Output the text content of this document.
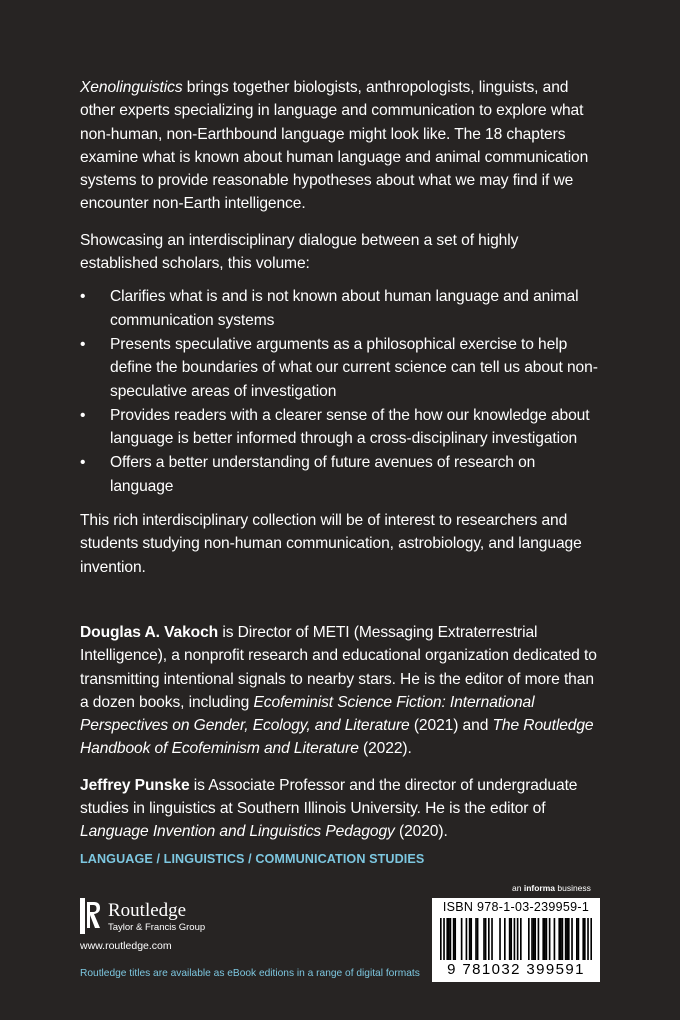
Xenolinguistics brings together biologists, anthropologists, linguists, and other experts specializing in language and communication to explore what non-human, non-Earthbound language might look like. The 18 chapters examine what is known about human language and animal communication systems to provide reasonable hypotheses about what we may find if we encounter non-Earth intelligence.

Showcasing an interdisciplinary dialogue between a set of highly established scholars, this volume:

• Clarifies what is and is not known about human language and animal communication systems
• Presents speculative arguments as a philosophical exercise to help define the boundaries of what our current science can tell us about non-speculative areas of investigation
• Provides readers with a clearer sense of the how our knowledge about language is better informed through a cross-disciplinary investigation
• Offers a better understanding of future avenues of research on language

This rich interdisciplinary collection will be of interest to researchers and students studying non-human communication, astrobiology, and language invention.

Douglas A. Vakoch is Director of METI (Messaging Extraterrestrial Intelligence), a nonprofit research and educational organization dedicated to transmitting intentional signals to nearby stars. He is the editor of more than a dozen books, including Ecofeminist Science Fiction: International Perspectives on Gender, Ecology, and Literature (2021) and The Routledge Handbook of Ecofeminism and Literature (2022).

Jeffrey Punske is Associate Professor and the director of undergraduate studies in linguistics at Southern Illinois University. He is the editor of Language Invention and Linguistics Pedagogy (2020).

LANGUAGE / LINGUISTICS / COMMUNICATION STUDIES
Routledge
Taylor & Francis Group
www.routledge.com
Routledge titles are available as eBook editions in a range of digital formats
an informa business
ISBN 978-1-03-239959-1
9 781032 399591
